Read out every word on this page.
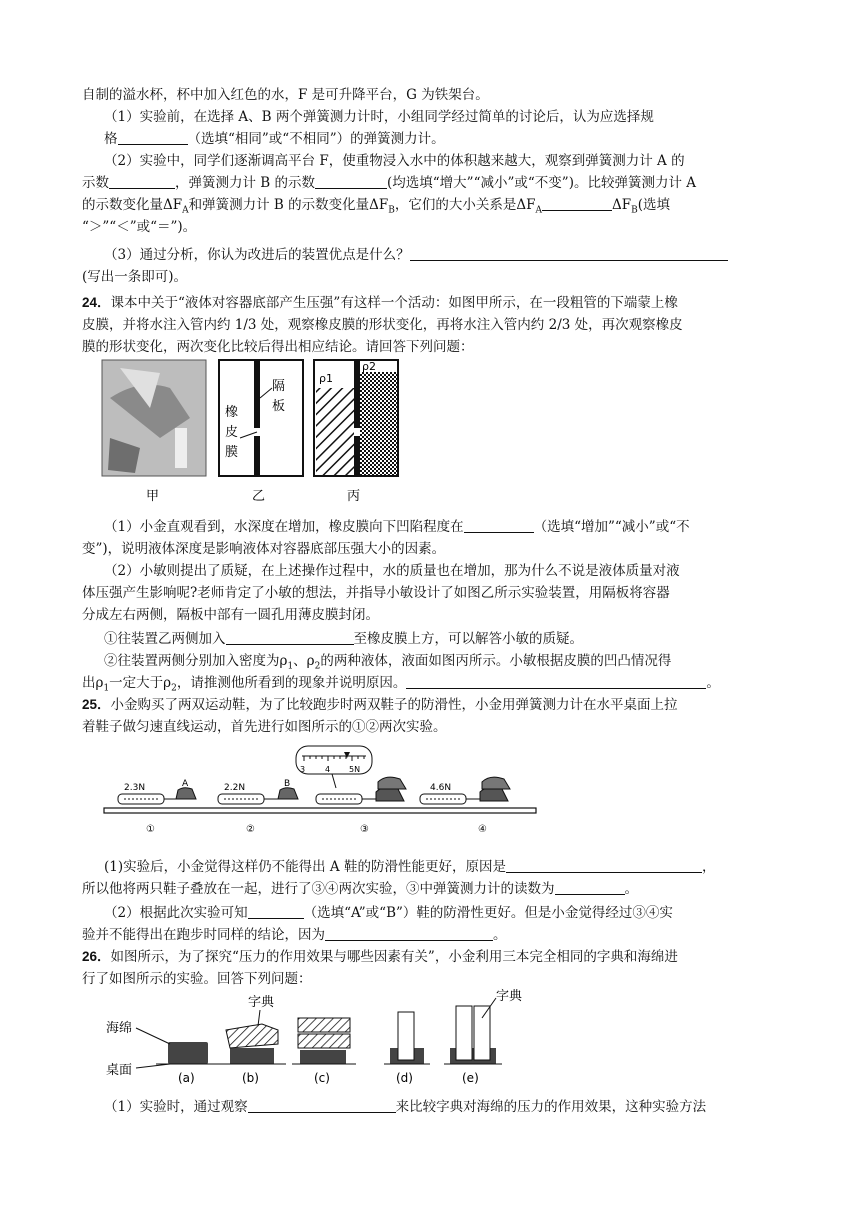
自制的溢水杯，杯中加入红色的水，F 是可升降平台，G 为铁架台。
（1）实验前，在选择 A、B 两个弹簧测力计时，小组同学经过简单的讨论后，认为应选择规
格	（选填“相同”或“不相同”）的弹簧测力计。
（2）实验中，同学们逐渐调高平台 F，使重物浸入水中的体积越来越大，观察到弹簧测力计 A 的
示数	，弹簧测力计 B 的示数	(均选填“增大”“减小”或“不变”)。比较弹簧测力计 A
的示数变化量$\Delta F_A$和弹簧测力计 B 的示数变化量$\Delta F_B$，它们的大小关系是$\Delta F_A$	$\Delta F_B$(选填
“＞”“＜”或“＝”)。
（3）通过分析，你认为改进后的装置优点是什么？
(写出一条即可)。
24．课本中关于“液体对容器底部产生压强”有这样一个活动：如图甲所示，在一段粗管的下端蒙上橡
皮膜，并将水注入管内约 1/3 处，观察橡皮膜的形状变化，再将水注入管内约 2/3 处，再次观察橡皮
膜的形状变化，两次变化比较后得出相应结论。请回答下列问题：
橡
皮
膜
隔
板
ρ1
ρ2
甲	乙	丙
（1）小金直观看到，水深度在增加，橡皮膜向下凹陷程度在	（选填“增加”“减小”或“不
变”)，说明液体深度是影响液体对容器底部压强大小的因素。
（2）小敏则提出了质疑，在上述操作过程中，水的质量也在增加，那为什么不说是液体质量对液
体压强产生影响呢?老师肯定了小敏的想法，并指导小敏设计了如图乙所示实验装置，用隔板将容器
分成左右两侧，隔板中部有一圆孔用薄皮膜封闭。
①往装置乙两侧加入	至橡皮膜上方，可以解答小敏的质疑。
②往装置两侧分别加入密度为$\rho_1$、$\rho_2$的两种液体，液面如图丙所示。小敏根据皮膜的凹凸情况得
出$\rho_1$一定大于$\rho_2$，请推测他所看到的现象并说明原因。	。
25．小金购买了两双运动鞋，为了比较跑步时两双鞋子的防滑性，小金用弹簧测力计在水平桌面上拉
着鞋子做匀速直线运动，首先进行如图所示的①②两次实验。
2.3N	A	2.2N	B
3 4 5N
4.6N
①	②	③	④
(1)实验后，小金觉得这样仍不能得出 A 鞋的防滑性能更好，原因是	，
所以他将两只鞋子叠放在一起，进行了③④两次实验，③中弹簧测力计的读数为	。
（2）根据此次实验可知	（选填“A”或“B”）鞋的防滑性更好。但是小金觉得经过③④实
验并不能得出在跑步时同样的结论，因为	。
26．如图所示，为了探究“压力的作用效果与哪些因素有关”，小金利用三本完全相同的字典和海绵进
行了如图所示的实验。回答下列问题：
海绵
桌面
字典	字典
(a)	(b)	(c)	(d)	(e)
（1）实验时，通过观察	来比较字典对海绵的压力的作用效果，这种实验方法
